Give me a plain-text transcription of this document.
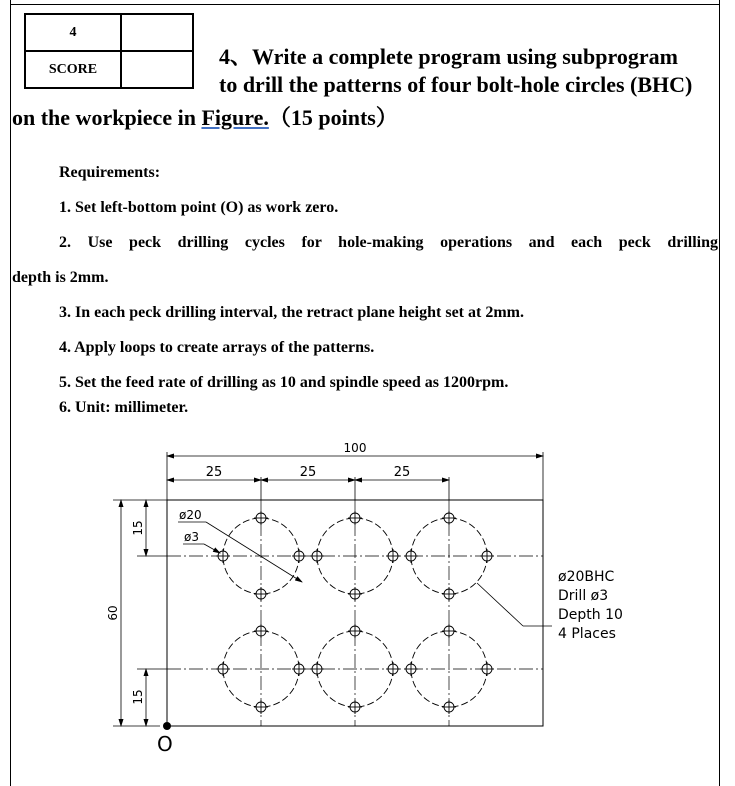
4	
SCORE		4、Write a complete program using subprogram
to drill the patterns of four bolt-hole circles (BHC)
on the workpiece in Figure.（15 points）
Requirements:
1. Set left-bottom point (O) as work zero.
2. Use peck drilling cycles for hole-making operations and each peck drilling
depth is 2mm.
3. In each peck drilling interval, the retract plane height set at 2mm.
4. Apply loops to create arrays of the patterns.
5. Set the feed rate of drilling as 10 and spindle speed as 1200rpm.
6. Unit: millimeter.
100
25	25	25
60
15
15
ø20
ø3
ø20BHC
Drill ø3
Depth 10
4 Places
O
